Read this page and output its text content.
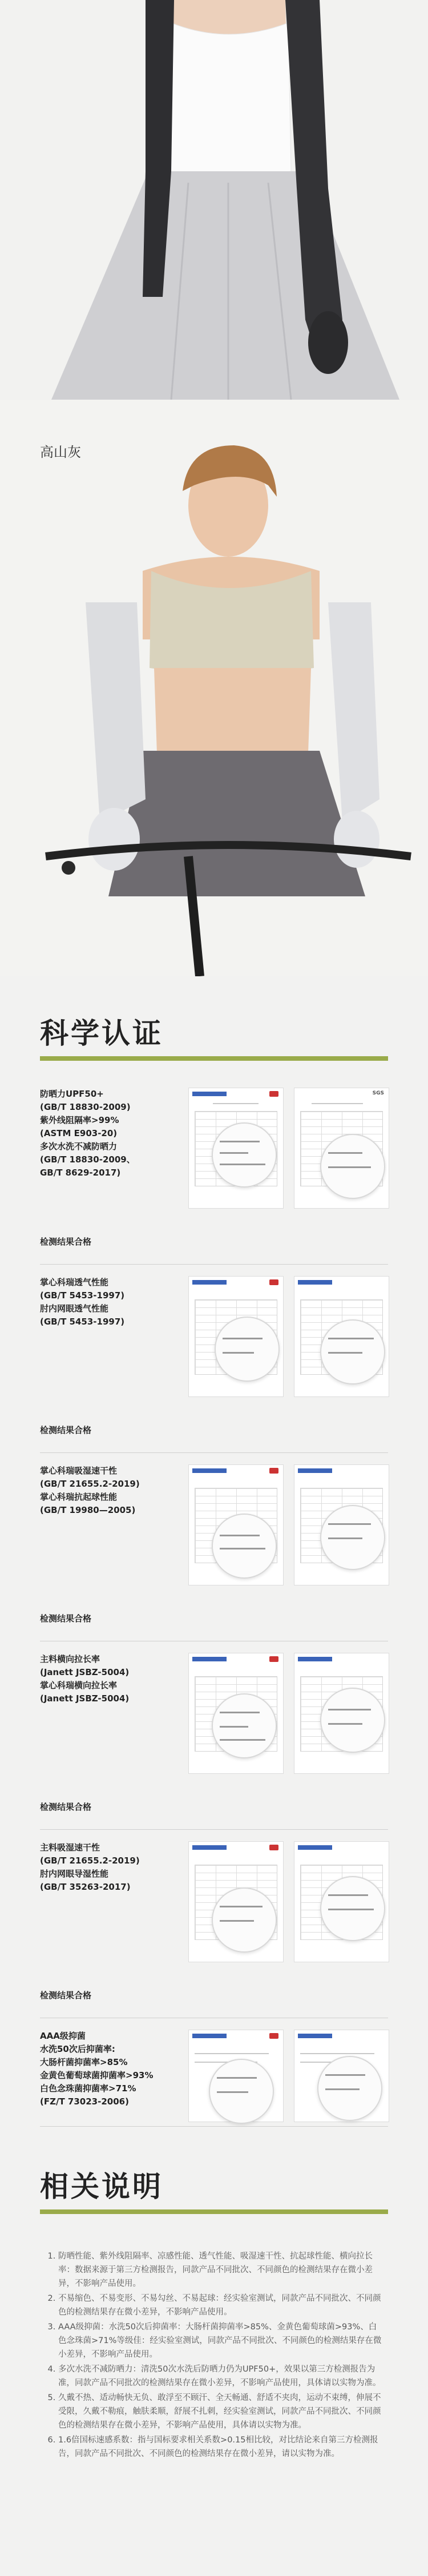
高山灰
科学认证
防晒力UPF50+
(GB/T 18830-2009)
紫外线阻隔率>99%
(ASTM E903-20)
多次水洗不减防晒力
(GB/T 18830-2009、
GB/T 8629-2017)
SGS
检测结果合格
掌心科瑞透气性能
(GB/T 5453-1997)
肘内网眼透气性能
(GB/T 5453-1997)
检测结果合格
掌心科瑞吸湿速干性
(GB/T 21655.2-2019)
掌心科瑞抗起球性能
(GB/T 19980—2005)
检测结果合格
主料横向拉长率
(Janett JSBZ-5004)
掌心科瑞横向拉长率
(Janett JSBZ-5004)
检测结果合格
主料吸湿速干性
(GB/T 21655.2-2019)
肘内网眼导湿性能
(GB/T 35263-2017)
检测结果合格
AAA级抑菌
水洗50次后抑菌率:
大肠杆菌抑菌率>85%
金黄色葡萄球菌抑菌率>93%
白色念珠菌抑菌率>71%
(FZ/T 73023-2006)
相关说明
1. 防晒性能、紫外线阻隔率、凉感性能、透气性能、吸湿速干性、抗起球性能、横向拉长率：数据来源于第三方检测报告，同款产品不同批次、不同颜色的检测结果存在微小差异，不影响产品使用。
2. 不易缩色、不易变形、不易勾丝、不易起球：经实验室测试，同款产品不同批次、不同颜色的检测结果存在微小差异，不影响产品使用。
3. AAA级抑菌：水洗50次后抑菌率：大肠杆菌抑菌率>85%、金黄色葡萄球菌>93%、白色念珠菌>71%等级佳：经实验室测试，同款产品不同批次、不同颜色的检测结果存在微小差异，不影响产品使用。
4. 多次水洗不减防晒力：清洗50次水洗后防晒力仍为UPF50+，效果以第三方检测报告为准，同款产品不同批次的检测结果存在微小差异，不影响产品使用，具体请以实物为准。
5. 久戴不热、适动畅快无负、敢浮至不顾汗、全天畅通、舒适不夹肉，运动不束缚，伸展不受限，久戴不勒痕，触肤柔顺，舒展不扎刺，经实验室测试，同款产品不同批次、不同颜色的检测结果存在微小差异，不影响产品使用，具体请以实物为准。
6. 1.6倍国标速感系数：指与国标要求相关系数>0.15相比较，对比结论来自第三方检测报告，同款产品不同批次、不同颜色的检测结果存在微小差异，请以实物为准。
